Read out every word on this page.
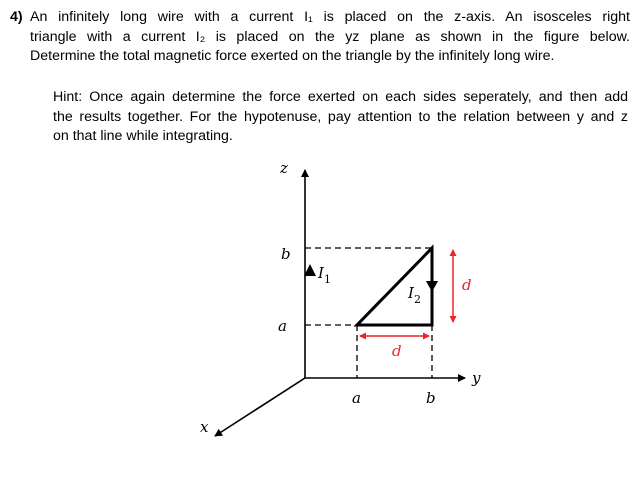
4) An infinitely long wire with a current I₁ is placed on the z-axis. An isosceles right
triangle with a current I₂ is placed on the yz plane as shown in the figure below.
Determine the total magnetic force exerted on the triangle by the infinitely long wire.
Hint: Once again determine the force exerted on each sides seperately, and then add
the results together. For the hypotenuse, pay attention to the relation between y and z
on that line while integrating.
z
b
a
a	b
y
x
$I_1$
$I_2$
d
d
